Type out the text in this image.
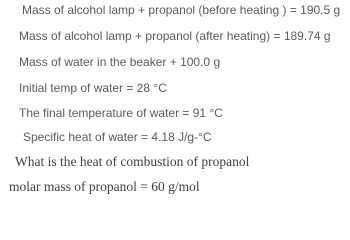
Mass of alcohol lamp + propanol (before heating ) = 190.5 g
Mass of alcohol lamp + propanol (after heating) = 189.74 g
Mass of water in the beaker + 100.0 g
Initial temp of water = 28 °C
The final temperature of water = 91 °C
Specific heat of water = 4.18 J/g-°C
What is the heat of combustion of propanol
molar mass of propanol = 60 g/mol
